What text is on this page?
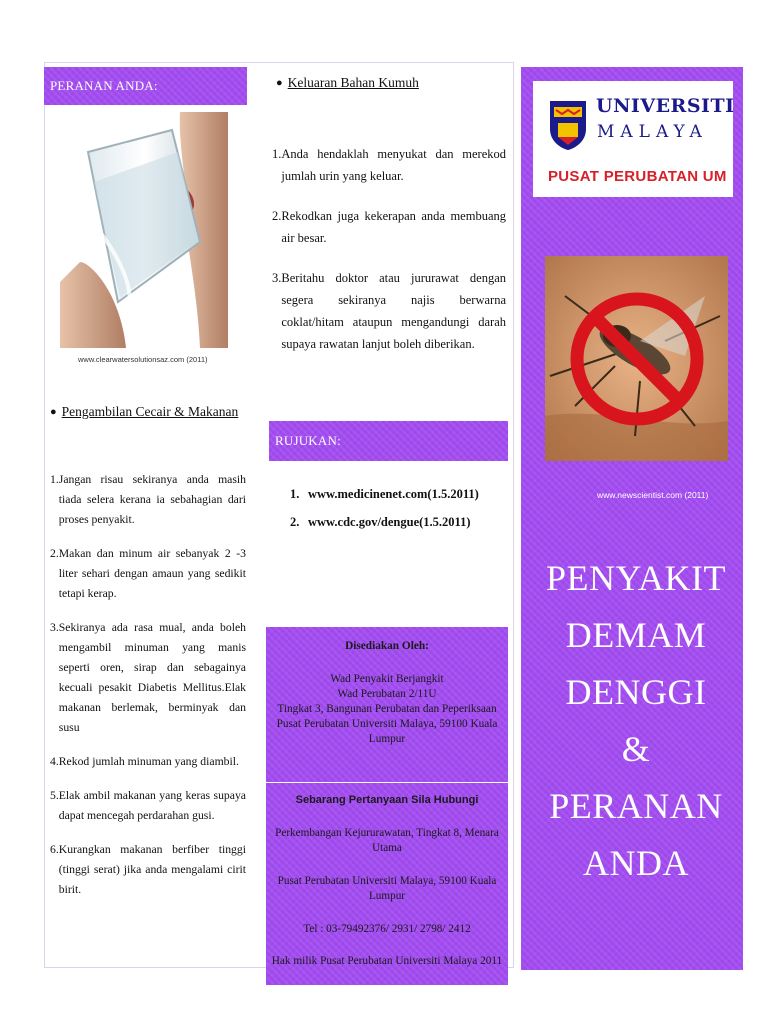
PERANAN ANDA:
www.clearwatersolutionsaz.com (2011)
● Pengambilan Cecair & Makanan
1. Jangan risau sekiranya anda masih tiada selera kerana ia sebahagian dari proses penyakit.
2. Makan dan minum air sebanyak 2 -3 liter sehari dengan amaun yang sedikit tetapi kerap.
3. Sekiranya ada rasa mual, anda boleh mengambil minuman yang manis seperti oren, sirap dan sebagainya kecuali pesakit Diabetis Mellitus.Elak makanan berlemak, berminyak dan susu
4. Rekod jumlah minuman yang diambil.
5. Elak ambil makanan yang keras supaya dapat mencegah perdarahan gusi.
6. Kurangkan makanan berfiber tinggi (tinggi serat) jika anda mengalami cirit birit.
● Keluaran Bahan Kumuh
1. Anda hendaklah menyukat dan merekod jumlah urin yang keluar.
2. Rekodkan juga kekerapan anda membuang air besar.
3. Beritahu doktor atau jururawat dengan segera sekiranya najis berwarna coklat/hitam ataupun mengandungi darah supaya rawatan lanjut boleh diberikan.
RUJUKAN:
1. www.medicinenet.com(1.5.2011)
2. www.cdc.gov/dengue(1.5.2011)
Disediakan Oleh:
Wad Penyakit Berjangkit
Wad Perubatan 2/11U
Tingkat 3, Bangunan Perubatan dan Peperiksaan
Pusat Perubatan Universiti Malaya, 59100 Kuala Lumpur
Sebarang Pertanyaan Sila Hubungi
Perkembangan Kejururawatan, Tingkat 8, Menara Utama
Pusat Perubatan Universiti Malaya, 59100 Kuala Lumpur
Tel : 03-79492376/ 2931/ 2798/ 2412
Hak milik Pusat Perubatan Universiti Malaya 2011
UNIVERSITI
MALAYA
PUSAT PERUBATAN UM
www.newscientist.com (2011)
PENYAKIT
DEMAM
DENGGI
&
PERANAN
ANDA
